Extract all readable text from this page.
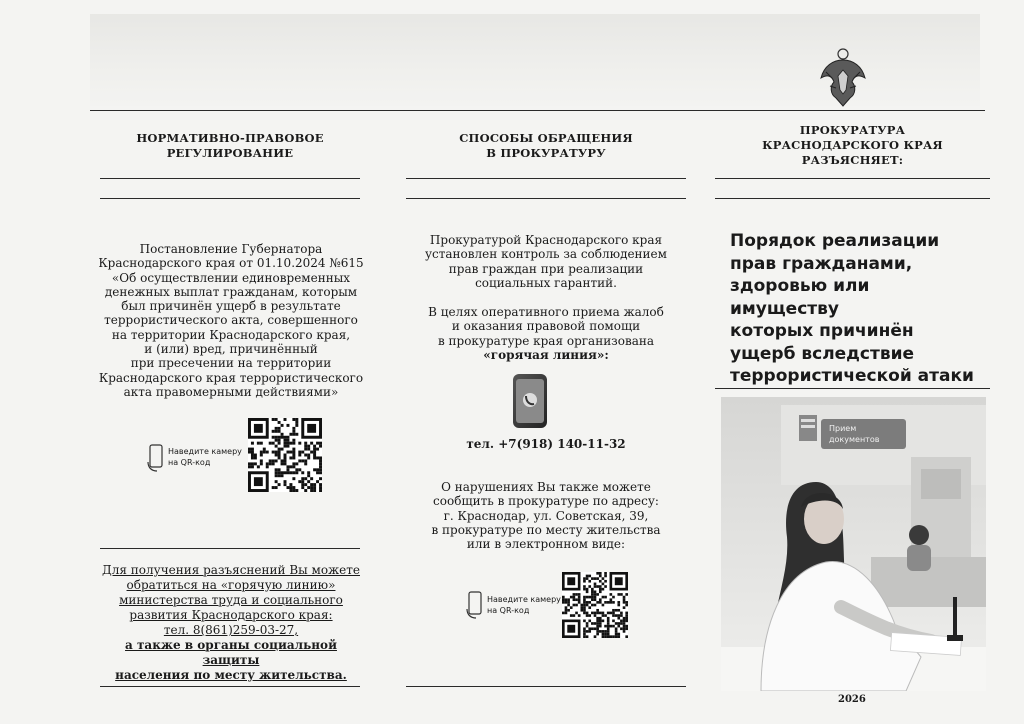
НОРМАТИВНО-ПРАВОВОЕ
РЕГУЛИРОВАНИЕ

Постановление Губернатора

Краснодарского края от 01.10.2024 №615

«Об осуществлении единовременных

денежных выплат гражданам, которым

был причинён ущерб в результате

террористического акта, совершенного

на территории Краснодарского края,

и (или) вред, причинённый

при пресечении на территории

Краснодарского края террористического

акта правомерными действиями»

Наведите камеру
на QR-код

Для получения разъяснений Вы можете

обратиться на «горячую линию»

министерства труда и социального

развития Краснодарского края:

тел. 8(861)259-03-27,

а также в органы социальной защиты

населения по месту жительства.

СПОСОБЫ ОБРАЩЕНИЯ
В ПРОКУРАТУРУ

Прокуратурой Краснодарского края

установлен контроль за соблюдением

прав граждан при реализации

социальных гарантий.

В целях оперативного приема жалоб

и оказания правовой помощи

в прокуратуре края организована

«горячая линия»:

тел. +7(918) 140-11-32

О нарушениях Вы также можете

сообщить в прокуратуре по адресу:

г. Краснодар, ул. Советская, 39,

в прокуратуре по месту жительства

или в электронном виде:

Наведите камеру
на QR-код
ПРОКУРАТУРА
КРАСНОДАРСКОГО КРАЯ
РАЗЪЯСНЯЕТ:
Порядок реализации
прав гражданами,
здоровью или имуществу
которых причинён
ущерб вследствие
террористической атаки
Прием
документов
2026
